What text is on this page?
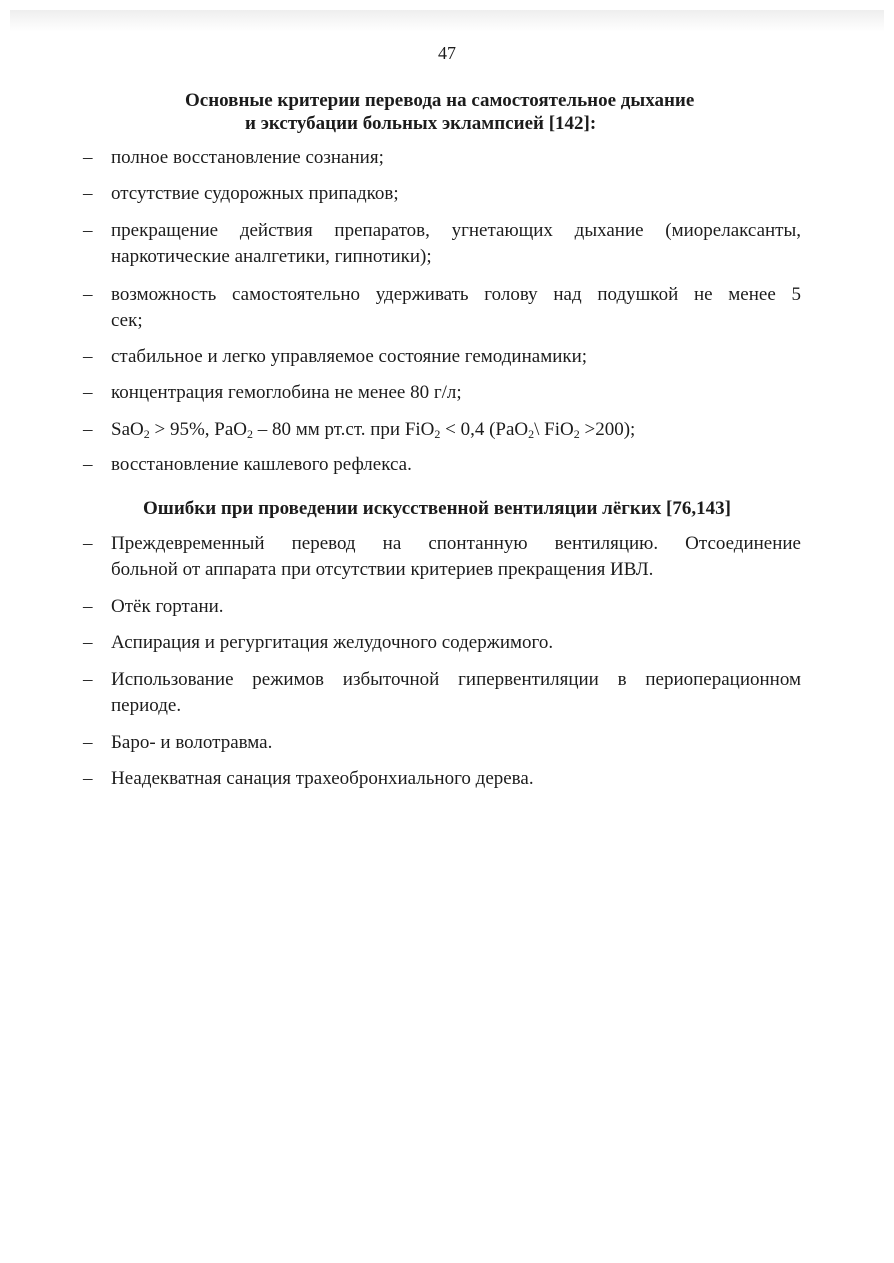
47
Основные критерии перевода на самостоятельное дыхание
и экстубации больных эклампсией [142]:
– полное восстановление сознания;
– отсутствие судорожных припадков;
– прекращение действия препаратов, угнетающих дыхание (миорелаксанты,
наркотические аналгетики, гипнотики);
– возможность самостоятельно удерживать голову над подушкой не менее 5
сек;
– стабильное и легко управляемое состояние гемодинамики;
– концентрация гемоглобина не менее 80 г/л;
– SaO$_2$ > 95%, PaO$_2$ – 80 мм рт.ст. при FiO$_2$ < 0,4 (PaO$_2$\ FiO$_2$ >200);
– восстановление кашлевого рефлекса.
Ошибки при проведении искусственной вентиляции лёгких [76,143]
– Преждевременный перевод на спонтанную вентиляцию. Отсоединение
больной от аппарата при отсутствии критериев прекращения ИВЛ.
– Отёк гортани.
– Аспирация и регургитация желудочного содержимого.
– Использование режимов избыточной гипервентиляции в периоперационном
периоде.
– Баро- и волотравма.
– Неадекватная санация трахеобронхиального дерева.
